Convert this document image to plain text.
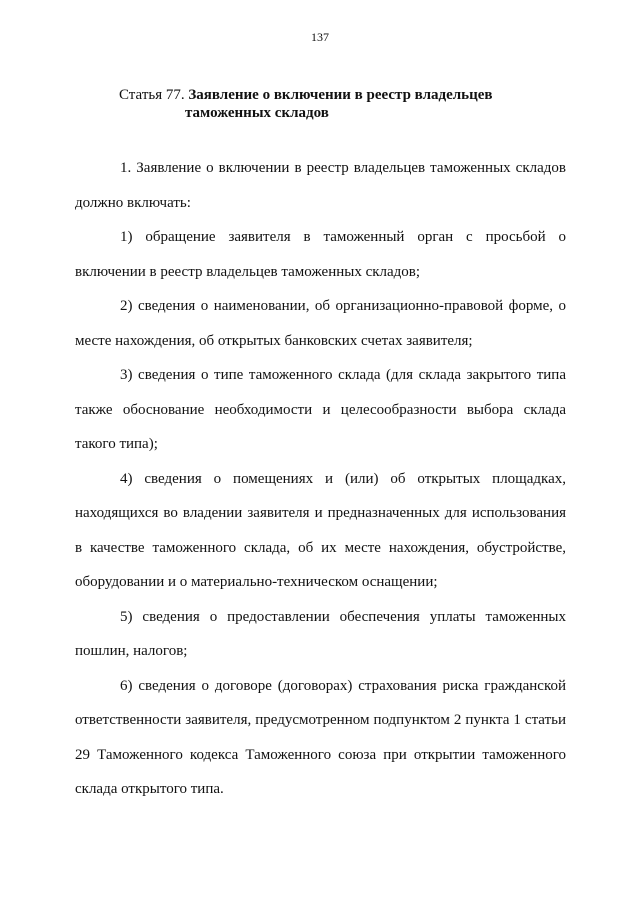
137
Статья 77. Заявление о включении в реестр владельцев
таможенных складов

1. Заявление о включении в реестр владельцев таможенных складов должно включать:

1) обращение заявителя в таможенный орган с просьбой о включении в реестр владельцев таможенных складов;

2) сведения о наименовании, об организационно-правовой форме, о месте нахождения, об открытых банковских счетах заявителя;

3) сведения о типе таможенного склада (для склада закрытого типа также обоснование необходимости и целесообразности выбора склада такого типа);

4) сведения о помещениях и (или) об открытых площадках, находящихся во владении заявителя и предназначенных для использования в качестве таможенного склада, об их месте нахождения, обустройстве, оборудовании и о материально-техническом оснащении;

5) сведения о предоставлении обеспечения уплаты таможенных пошлин, налогов;

6) сведения о договоре (договорах) страхования риска гражданской ответственности заявителя, предусмотренном подпунктом 2 пункта 1 статьи 29 Таможенного кодекса Таможенного союза при открытии таможенного склада открытого типа.
